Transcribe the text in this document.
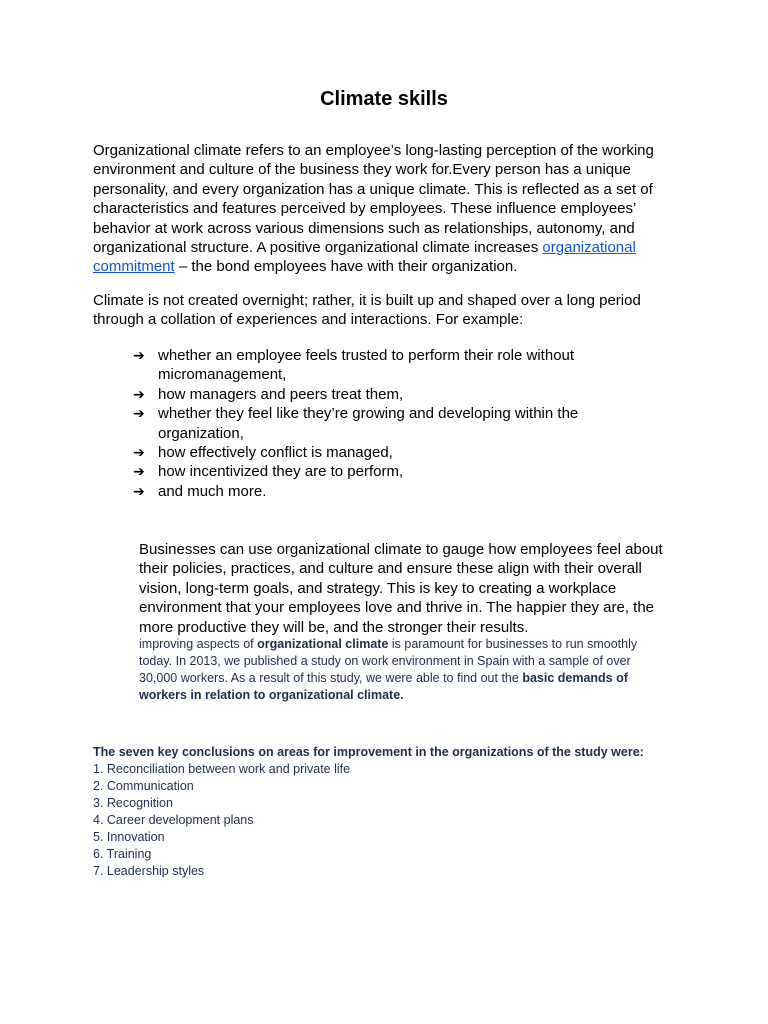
Climate skills

Organizational climate refers to an employee’s long-lasting perception of the working environment and culture of the business they work for.Every person has a unique personality, and every organization has a unique climate. This is reflected as a set of characteristics and features perceived by employees. These influence employees’ behavior at work across various dimensions such as relationships, autonomy, and organizational structure. A positive organizational climate increases organizational commitment – the bond employees have with their organization.

Climate is not created overnight; rather, it is built up and shaped over a long period through a collation of experiences and interactions. For example:

➔ whether an employee feels trusted to perform their role without micromanagement,
➔ how managers and peers treat them,
➔ whether they feel like they’re growing and developing within the organization,
➔ how effectively conflict is managed,
➔ how incentivized they are to perform,
➔ and much more.

Businesses can use organizational climate to gauge how employees feel about their policies, practices, and culture and ensure these align with their overall vision, long-term goals, and strategy. This is key to creating a workplace environment that your employees love and thrive in. The happier they are, the more productive they will be, and the stronger their results.

improving aspects of organizational climate is paramount for businesses to run smoothly today. In 2013, we published a study on work environment in Spain with a sample of over 30,000 workers. As a result of this study, we were able to find out the basic demands of workers in relation to organizational climate.

The seven key conclusions on areas for improvement in the organizations of the study were:
1. Reconciliation between work and private life
2. Communication
3. Recognition
4. Career development plans
5. Innovation
6. Training
7. Leadership styles
